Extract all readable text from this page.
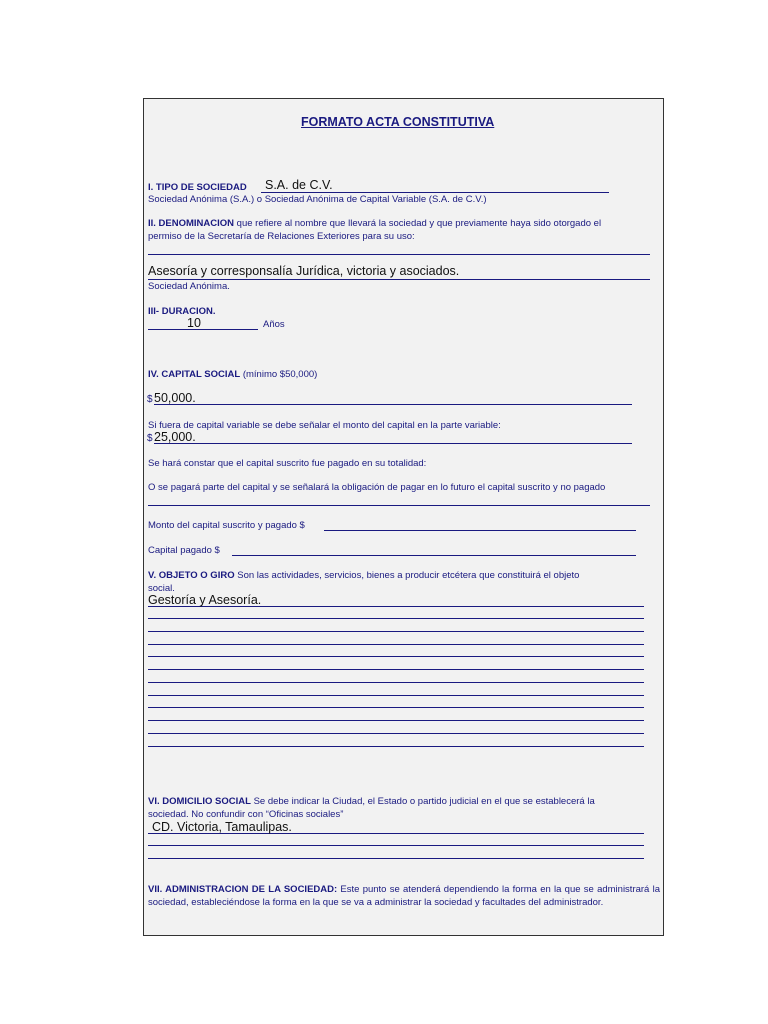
FORMATO ACTA CONSTITUTIVA
I. TIPO DE SOCIEDAD S.A. de C.V.
Sociedad Anónima (S.A.) o Sociedad Anónima de Capital Variable (S.A. de C.V.)
II. DENOMINACION que refiere al nombre que llevará la sociedad y que previamente haya sido otorgado el
permiso de la Secretaría de Relaciones Exteriores para su uso:
Asesoría y corresponsalía Jurídica, victoria y asociados.
Sociedad Anónima.
III- DURACION.
10	Años
IV. CAPITAL SOCIAL (mínimo $50,000)
$ 50,000.
Si fuera de capital variable se debe señalar el monto del capital en la parte variable:
$ 25,000.
Se hará constar que el capital suscrito fue pagado en su totalidad:
O se pagará parte del capital y se señalará la obligación de pagar en lo futuro el capital suscrito y no pagado
Monto del capital suscrito y pagado $
Capital pagado $
V. OBJETO O GIRO Son las actividades, servicios, bienes a producir etcétera que constituirá el objeto
social.
Gestoría y Asesoría.
VI. DOMICILIO SOCIAL Se debe indicar la Ciudad, el Estado o partido judicial en el que se establecerá la
sociedad. No confundir con “Oficinas sociales”
CD. Victoria, Tamaulipas.
VII. ADMINISTRACION DE LA SOCIEDAD: Este punto se atenderá dependiendo la forma en la que se administrará la sociedad, estableciéndose la forma en la que se va a administrar la sociedad y facultades del administrador.
